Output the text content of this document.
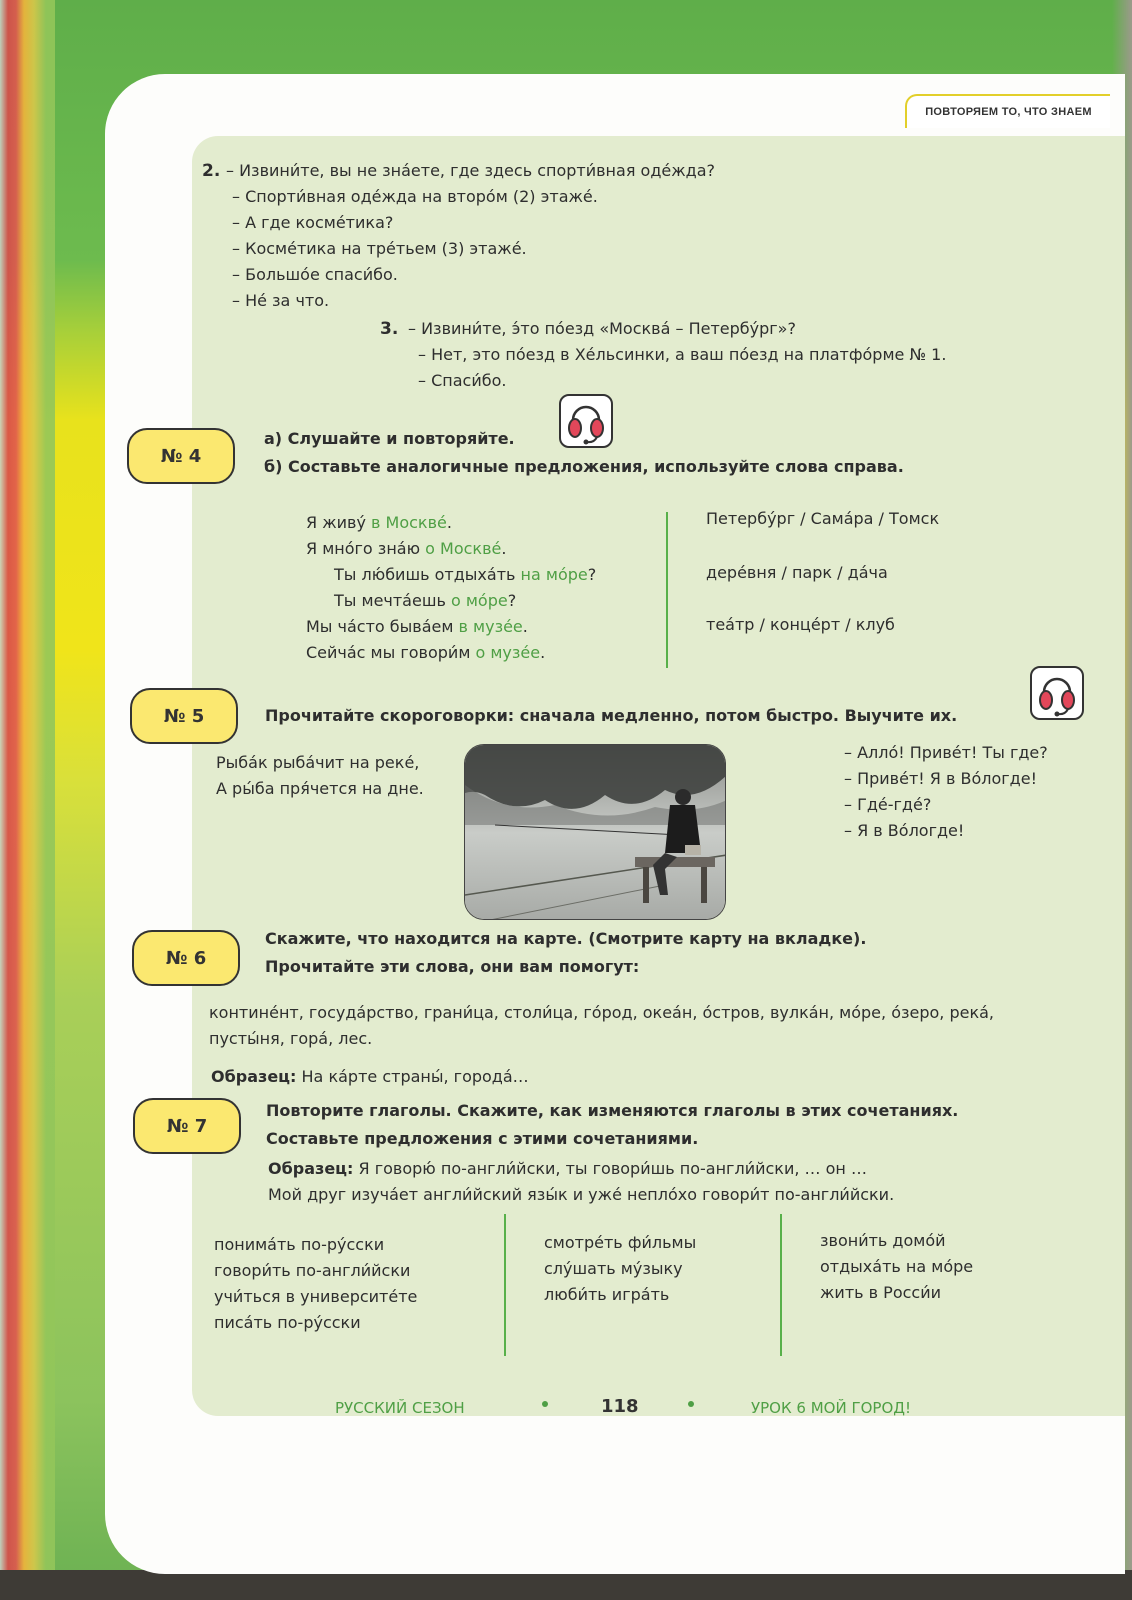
ПОВТОРЯЕМ ТО, ЧТО ЗНАЕМ
2. – Извини́те, вы не зна́ете, где здесь спорти́вная оде́жда?
– Спорти́вная оде́жда на второ́м (2) этаже́.
– А где косме́тика?
– Косме́тика на тре́тьем (3) этаже́.
– Большо́е спаси́бо.
– Не́ за что.
3. – Извини́те, э́то по́езд «Москва́ – Петербу́рг»?
– Нет, это по́езд в Хе́льсинки, а ваш по́езд на платфо́рме № 1.
– Спаси́бо.
№ 4
а) Слушайте и повторяйте.
б) Составьте аналогичные предложения, используйте слова справа.
Я живу́ в Москве́.
Я мно́го зна́ю о Москве́.
Ты лю́бишь отдыха́ть на мо́ре?
Ты мечта́ешь о мо́ре?
Мы ча́сто быва́ем в музе́е.
Сейча́с мы говори́м о музе́е.
Петербу́рг / Сама́ра / Томск
дере́вня / парк / да́ча
теа́тр / конце́рт / клуб
№ 5	Прочитайте скороговорки: сначала медленно, потом быстро. Выучите их.
Рыба́к рыба́чит на реке́,
А ры́ба пря́чется на дне.
– Алло́! Приве́т! Ты где?
– Приве́т! Я в Во́логде!
– Где́-где́?
– Я в Во́логде!
№ 6
Скажите, что находится на карте. (Смотрите карту на вкладке).
Прочитайте эти слова, они вам помогут:
контине́нт, госуда́рство, грани́ца, столи́ца, го́род, океа́н, о́стров, вулка́н, мо́ре, о́зеро, река́,
пусты́ня, гора́, лес.
Образец: На ка́рте страны́, города́…
№ 7
Повторите глаголы. Скажите, как изменяются глаголы в этих сочетаниях.
Составьте предложения с этими сочетаниями.
Образец: Я говорю́ по-англи́йски, ты говори́шь по-англи́йски, … он …
Мой друг изуча́ет англи́йский язы́к и уже́ непло́хо говори́т по-англи́йски.
понима́ть по-ру́сски
говори́ть по-англи́йски
учи́ться в университе́те
писа́ть по-ру́сски
смотре́ть фи́льмы
слу́шать му́зыку
люби́ть игра́ть
звони́ть домо́й
отдыха́ть на мо́ре
жить в Росси́и
РУССКИЙ СЕЗОН	118	УРОК 6 МОЙ ГОРОД!
